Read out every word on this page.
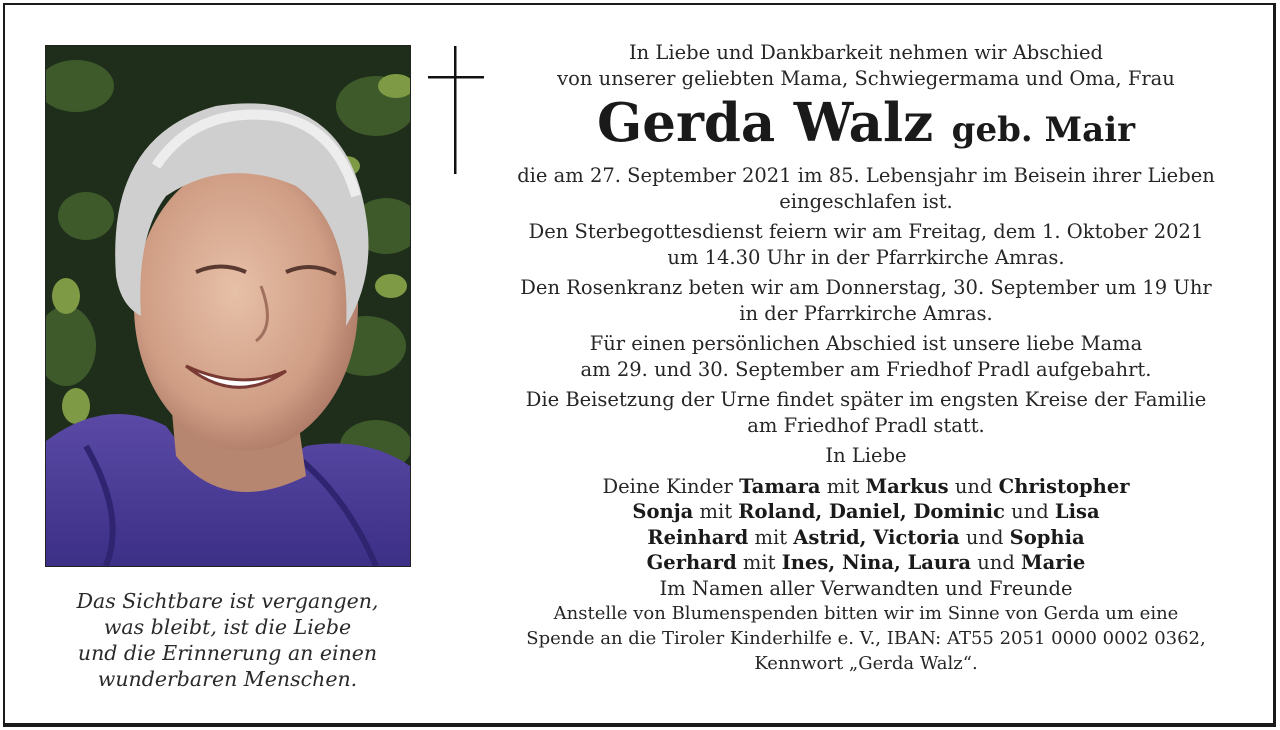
Das Sichtbare ist vergangen,
was bleibt, ist die Liebe
und die Erinnerung an einen
wunderbaren Menschen.
In Liebe und Dankbarkeit nehmen wir Abschied
von unserer geliebten Mama, Schwiegermama und Oma, Frau
Gerda Walz geb. Mair
die am 27. September 2021 im 85. Lebensjahr im Beisein ihrer Lieben
eingeschlafen ist.
Den Sterbegottesdienst feiern wir am Freitag, dem 1. Oktober 2021
um 14.30 Uhr in der Pfarrkirche Amras.
Den Rosenkranz beten wir am Donnerstag, 30. September um 19 Uhr
in der Pfarrkirche Amras.
Für einen persönlichen Abschied ist unsere liebe Mama
am 29. und 30. September am Friedhof Pradl aufgebahrt.
Die Beisetzung der Urne findet später im engsten Kreise der Familie
am Friedhof Pradl statt.
In Liebe
Deine Kinder Tamara mit Markus und Christopher
Sonja mit Roland, Daniel, Dominic und Lisa
Reinhard mit Astrid, Victoria und Sophia
Gerhard mit Ines, Nina, Laura und Marie
Im Namen aller Verwandten und Freunde
Anstelle von Blumenspenden bitten wir im Sinne von Gerda um eine
Spende an die Tiroler Kinderhilfe e. V., IBAN: AT55 2051 0000 0002 0362,
Kennwort „Gerda Walz“.
